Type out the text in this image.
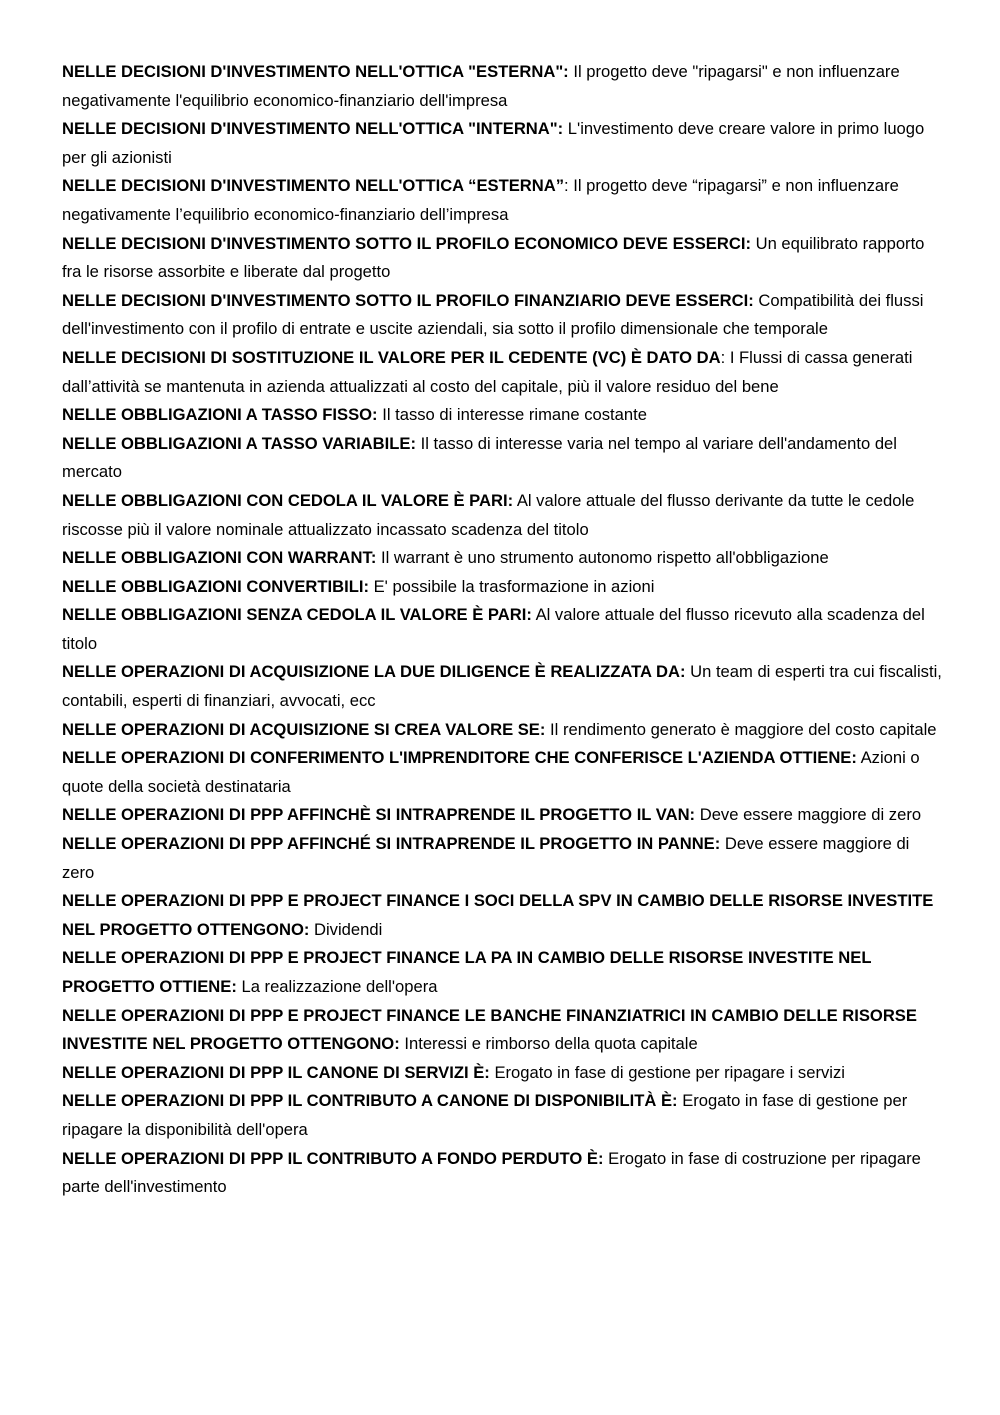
NELLE DECISIONI D'INVESTIMENTO NELL'OTTICA "ESTERNA": Il progetto deve "ripagarsi" e non influenzare negativamente l'equilibrio economico-finanziario dell'impresa
NELLE DECISIONI D'INVESTIMENTO NELL'OTTICA "INTERNA": L'investimento deve creare valore in primo luogo per gli azionisti
NELLE DECISIONI D'INVESTIMENTO NELL'OTTICA “ESTERNA”: Il progetto deve “ripagarsi” e non influenzare negativamente l’equilibrio economico-finanziario dell’impresa
NELLE DECISIONI D'INVESTIMENTO SOTTO IL PROFILO ECONOMICO DEVE ESSERCI: Un equilibrato rapporto fra le risorse assorbite e liberate dal progetto
NELLE DECISIONI D'INVESTIMENTO SOTTO IL PROFILO FINANZIARIO DEVE ESSERCI: Compatibilità dei flussi dell'investimento con il profilo di entrate e uscite aziendali, sia sotto il profilo dimensionale che temporale
NELLE DECISIONI DI SOSTITUZIONE IL VALORE PER IL CEDENTE (VC) È DATO DA: I Flussi di cassa generati dall’attività se mantenuta in azienda attualizzati al costo del capitale, più il valore residuo del bene
NELLE OBBLIGAZIONI A TASSO FISSO: Il tasso di interesse rimane costante
NELLE OBBLIGAZIONI A TASSO VARIABILE: Il tasso di interesse varia nel tempo al variare dell'andamento del mercato
NELLE OBBLIGAZIONI CON CEDOLA IL VALORE È PARI: Al valore attuale del flusso derivante da tutte le cedole riscosse più il valore nominale attualizzato incassato scadenza del titolo
NELLE OBBLIGAZIONI CON WARRANT: Il warrant è uno strumento autonomo rispetto all'obbligazione
NELLE OBBLIGAZIONI CONVERTIBILI: E' possibile la trasformazione in azioni
NELLE OBBLIGAZIONI SENZA CEDOLA IL VALORE È PARI: Al valore attuale del flusso ricevuto alla scadenza del titolo
NELLE OPERAZIONI DI ACQUISIZIONE LA DUE DILIGENCE È REALIZZATA DA: Un team di esperti tra cui fiscalisti, contabili, esperti di finanziari, avvocati, ecc
NELLE OPERAZIONI DI ACQUISIZIONE SI CREA VALORE SE: Il rendimento generato è maggiore del costo capitale
NELLE OPERAZIONI DI CONFERIMENTO L'IMPRENDITORE CHE CONFERISCE L'AZIENDA OTTIENE: Azioni o quote della società destinataria
NELLE OPERAZIONI DI PPP AFFINCHÈ SI INTRAPRENDE IL PROGETTO IL VAN: Deve essere maggiore di zero
NELLE OPERAZIONI DI PPP AFFINCHÉ SI INTRAPRENDE IL PROGETTO IN PANNE: Deve essere maggiore di zero
NELLE OPERAZIONI DI PPP E PROJECT FINANCE I SOCI DELLA SPV IN CAMBIO DELLE RISORSE INVESTITE NEL PROGETTO OTTENGONO: Dividendi
NELLE OPERAZIONI DI PPP E PROJECT FINANCE LA PA IN CAMBIO DELLE RISORSE INVESTITE NEL PROGETTO OTTIENE: La realizzazione dell'opera
NELLE OPERAZIONI DI PPP E PROJECT FINANCE LE BANCHE FINANZIATRICI IN CAMBIO DELLE RISORSE INVESTITE NEL PROGETTO OTTENGONO: Interessi e rimborso della quota capitale
NELLE OPERAZIONI DI PPP IL CANONE DI SERVIZI È: Erogato in fase di gestione per ripagare i servizi
NELLE OPERAZIONI DI PPP IL CONTRIBUTO A CANONE DI DISPONIBILITÀ È: Erogato in fase di gestione per ripagare la disponibilità dell'opera
NELLE OPERAZIONI DI PPP IL CONTRIBUTO A FONDO PERDUTO È: Erogato in fase di costruzione per ripagare parte dell'investimento
